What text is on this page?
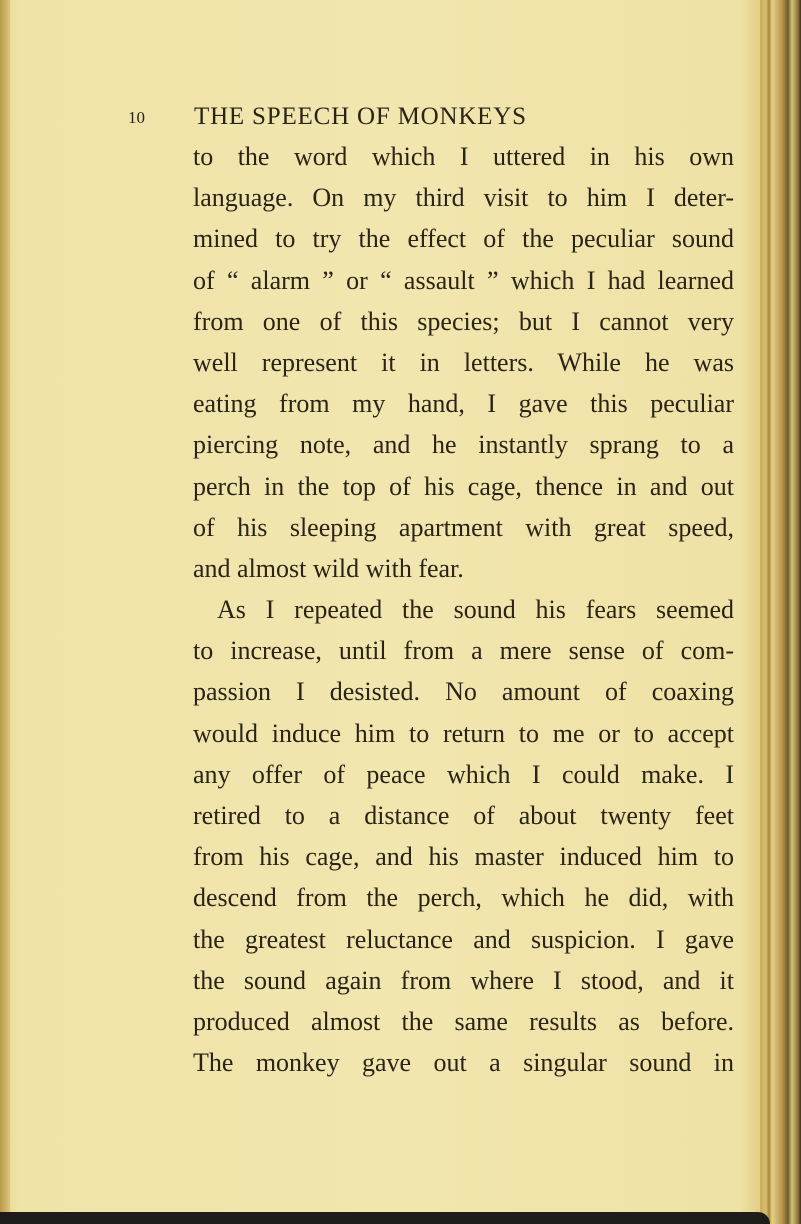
10 THE SPEECH OF MONKEYS
to the word which I uttered in his own
language. On my third visit to him I deter-
mined to try the effect of the peculiar sound
of “ alarm ” or “ assault ” which I had learned
from one of this species; but I cannot very
well represent it in letters. While he was
eating from my hand, I gave this peculiar
piercing note, and he instantly sprang to a
perch in the top of his cage, thence in and out
of his sleeping apartment with great speed,
and almost wild with fear.
As I repeated the sound his fears seemed
to increase, until from a mere sense of com-
passion I desisted. No amount of coaxing
would induce him to return to me or to accept
any offer of peace which I could make. I
retired to a distance of about twenty feet
from his cage, and his master induced him to
descend from the perch, which he did, with
the greatest reluctance and suspicion. I gave
the sound again from where I stood, and it
produced almost the same results as before.
The monkey gave out a singular sound in
